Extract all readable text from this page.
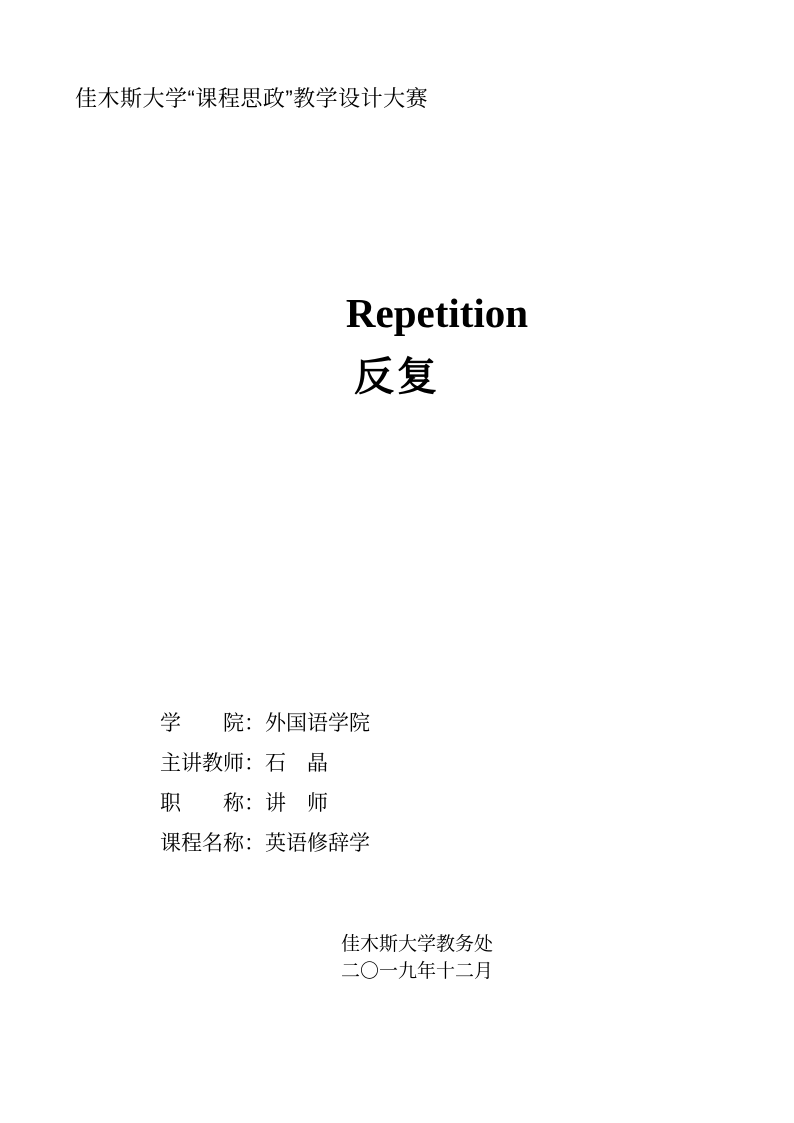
佳木斯大学“课程思政”教学设计大赛
Repetition
反复
学　　院：外国语学院
主讲教师：石　晶
职　　称：讲　师
课程名称：英语修辞学
佳木斯大学教务处
二〇一九年十二月
